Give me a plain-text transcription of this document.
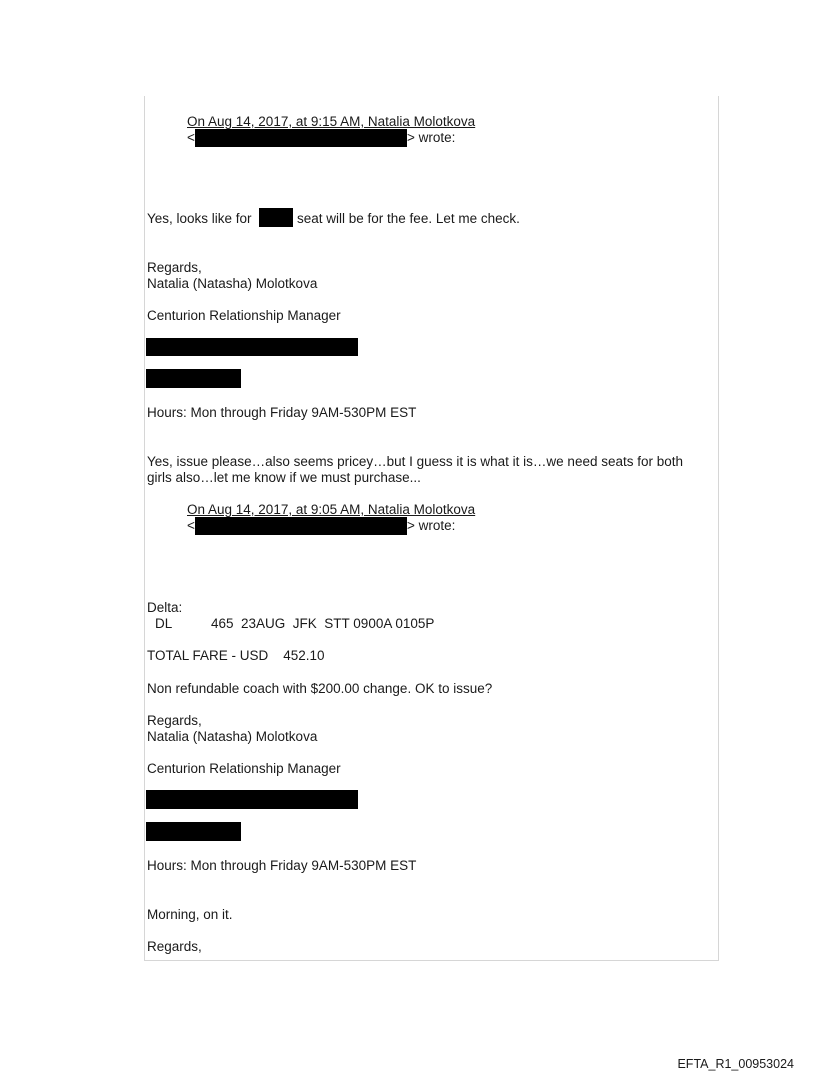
On Aug 14, 2017, at 9:15 AM, Natalia Molotkova
<	> wrote:
Yes, looks like for	seat will be for the fee. Let me check.
Regards,
Natalia (Natasha) Molotkova
Centurion Relationship Manager
Hours: Mon through Friday 9AM-530PM EST
Yes, issue please…also seems pricey…but I guess it is what it is…we need seats for both
girls also…let me know if we must purchase...
On Aug 14, 2017, at 9:05 AM, Natalia Molotkova
<	> wrote:
Delta:
DL	465  23AUG  JFK  STT 0900A 0105P
TOTAL FARE - USD    452.10
Non refundable coach with $200.00 change. OK to issue?
Regards,
Natalia (Natasha) Molotkova
Centurion Relationship Manager
Hours: Mon through Friday 9AM-530PM EST
Morning, on it.
Regards,
EFTA_R1_00953024
